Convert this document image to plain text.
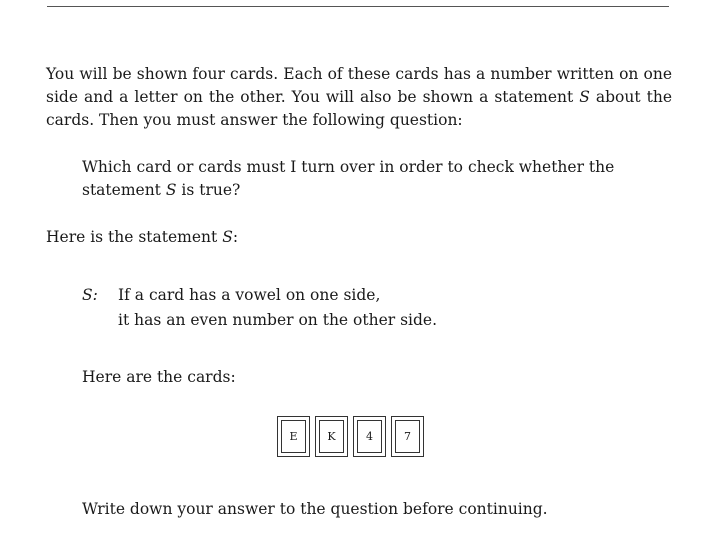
You will be shown four cards. Each of these cards has a number written on one side and a letter on the other. You will also be shown a statement S about the cards. Then you must answer the following question:

Which card or cards must I turn over in order to check whether the statement S is true?

Here is the statement S:

S:	If a card has a vowel on one side,
it has an even number on the other side.

Here are the cards:

E	K	4	7

Write down your answer to the question before continuing.
